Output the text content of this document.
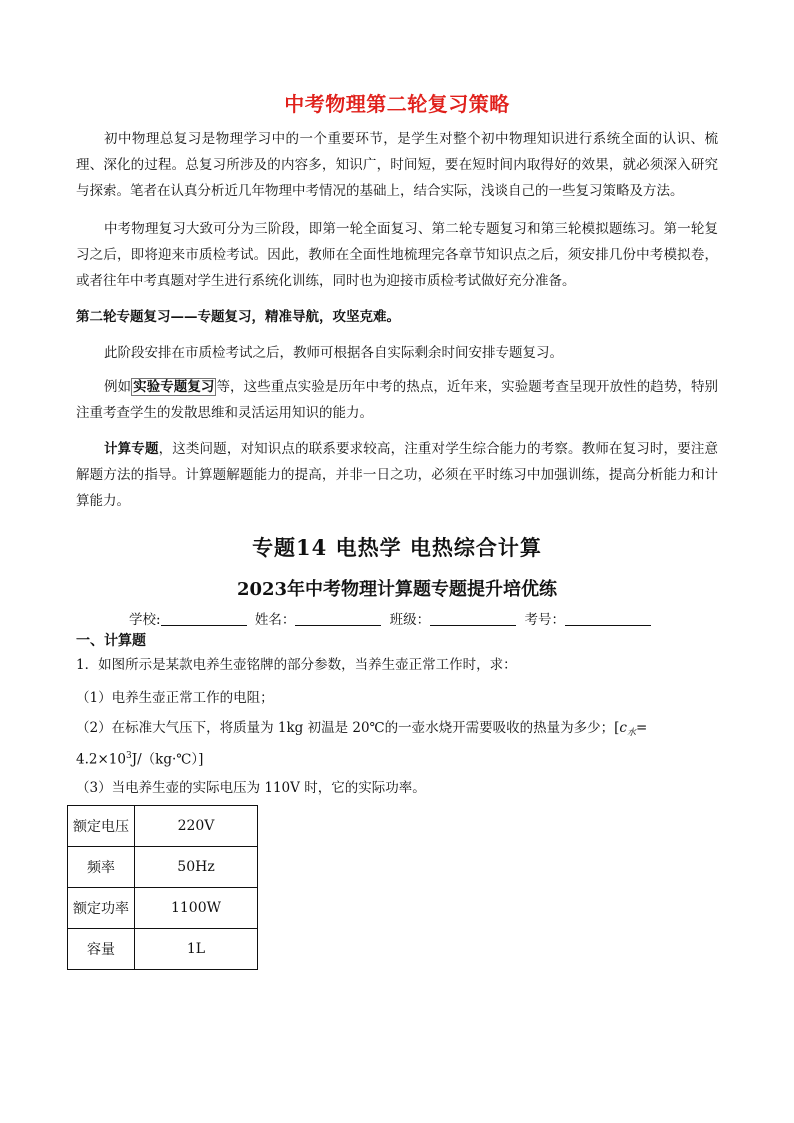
中考物理第二轮复习策略

初中物理总复习是物理学习中的一个重要环节，是学生对整个初中物理知识进行系统全面的认识、梳理、深化的过程。总复习所涉及的内容多，知识广，时间短，要在短时间内取得好的效果，就必须深入研究与探索。笔者在认真分析近几年物理中考情况的基础上，结合实际，浅谈自己的一些复习策略及方法。

中考物理复习大致可分为三阶段，即第一轮全面复习、第二轮专题复习和第三轮模拟题练习。第一轮复习之后，即将迎来市质检考试。因此，教师在全面性地梳理完各章节知识点之后，须安排几份中考模拟卷，或者往年中考真题对学生进行系统化训练，同时也为迎接市质检考试做好充分准备。

第二轮专题复习——专题复习，精准导航，攻坚克难。

此阶段安排在市质检考试之后，教师可根据各自实际剩余时间安排专题复习。

例如 实验专题复习 等，这些重点实验是历年中考的热点，近年来，实验题考查呈现开放性的趋势，特别注重考查学生的发散思维和灵活运用知识的能力。

计算专题，这类问题，对知识点的联系要求较高，注重对学生综合能力的考察。教师在复习时，要注意解题方法的指导。计算题解题能力的提高，并非一日之功，必须在平时练习中加强训练，提高分析能力和计算能力。

专题14 电热学 电热综合计算
2023年中考物理计算题专题提升培优练
学校:	姓名：	班级：	考号：
一、计算题

1．如图所示是某款电养生壶铭牌的部分参数，当养生壶正常工作时，求：

（1）电养生壶正常工作的电阻；

（2）在标准大气压下，将质量为 1kg 初温是 20℃的一壶水烧开需要吸收的热量为多少；[$c_水=$

$4.2\times 10^3J/(kg\cdot℃)$]

（3）当电养生壶的实际电压为 110V 时，它的实际功率。

额定电压	220V
频率	50Hz
额定功率	1100W
容量	1L
